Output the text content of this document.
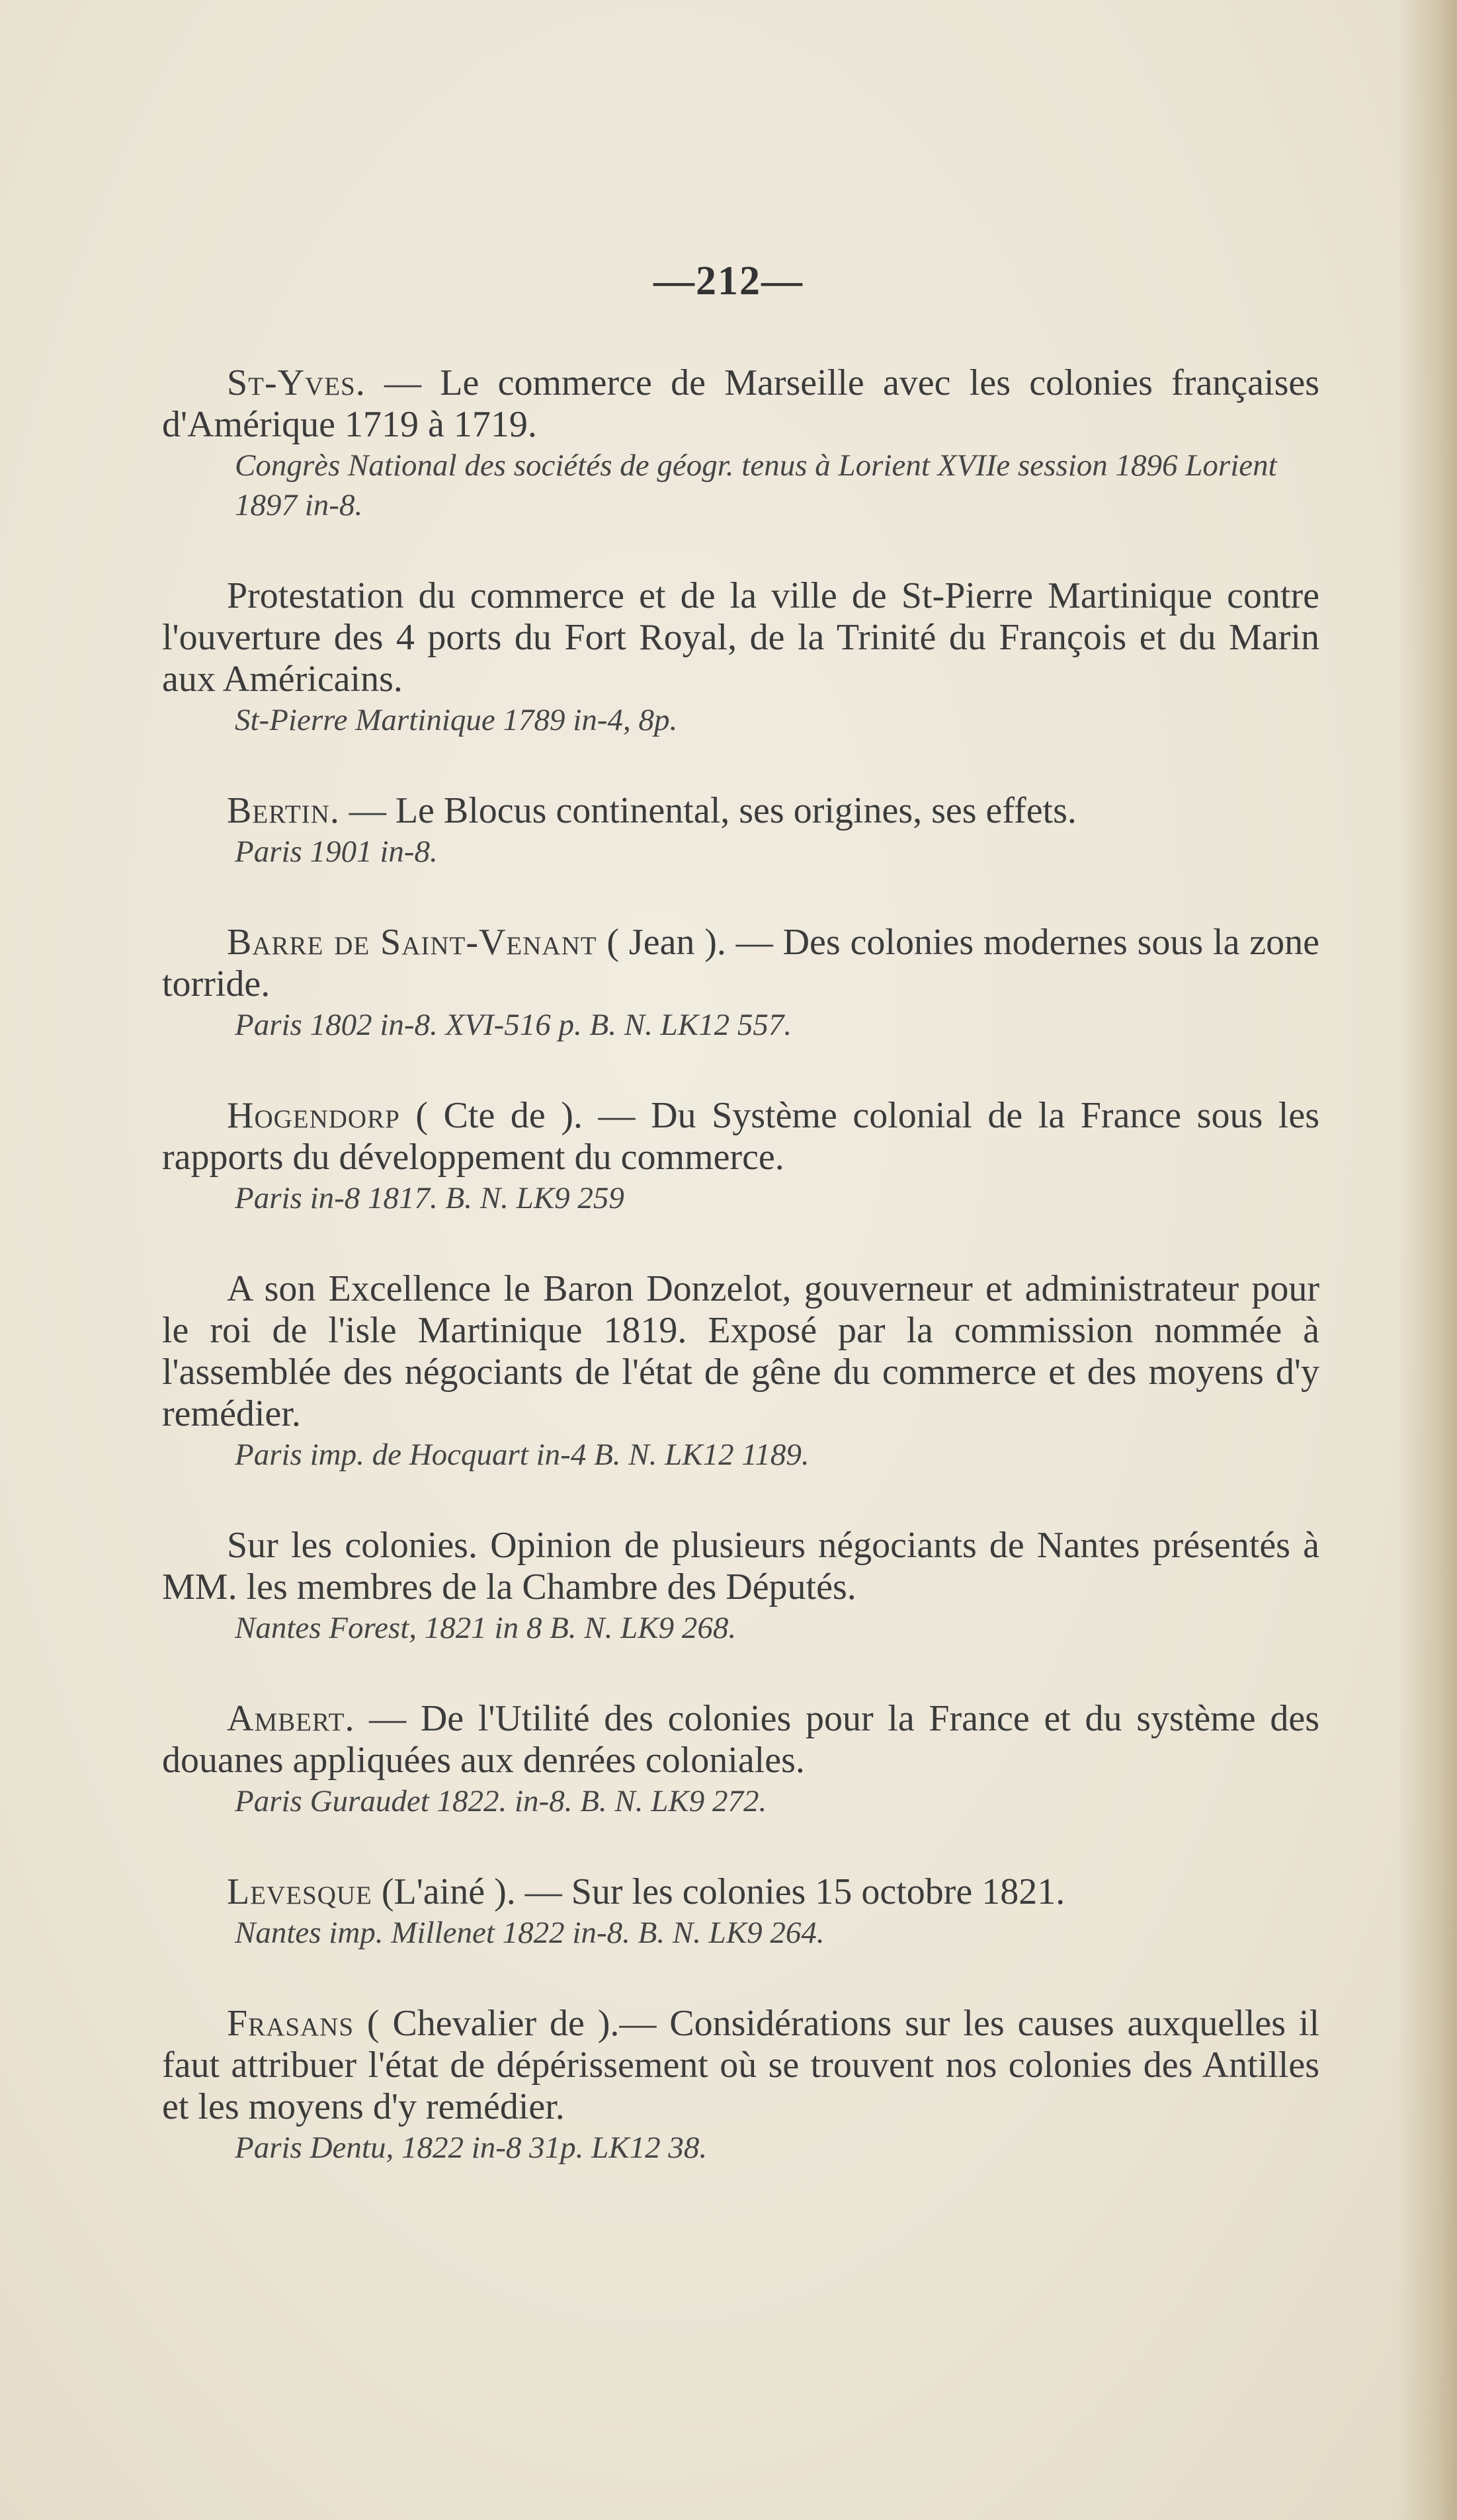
—212—

St-Yves. — Le commerce de Marseille avec les colonies françaises d'Amérique 1719 à 1719.

Congrès National des sociétés de géogr. tenus à Lorient XVIIe session 1896 Lorient 1897 in-8.

Protestation du commerce et de la ville de St-Pierre Martinique contre l'ouverture des 4 ports du Fort Royal, de la Trinité du François et du Marin aux Américains.

St-Pierre Martinique 1789 in-4, 8p.

Bertin. — Le Blocus continental, ses origines, ses effets.

Paris 1901 in-8.

Barre de Saint-Venant ( Jean ). — Des colonies modernes sous la zone torride.

Paris 1802 in-8. XVI-516 p. B. N. LK12 557.

Hogendorp ( Cte de ). — Du Système colonial de la France sous les rapports du développement du commerce.

Paris in-8 1817. B. N. LK9 259

A son Excellence le Baron Donzelot, gouverneur et administrateur pour le roi de l'isle Martinique 1819. Exposé par la commission nommée à l'assemblée des négociants de l'état de gêne du commerce et des moyens d'y remédier.

Paris imp. de Hocquart in-4 B. N. LK12 1189.

Sur les colonies. Opinion de plusieurs négociants de Nantes présentés à MM. les membres de la Chambre des Députés.

Nantes Forest, 1821 in 8 B. N. LK9 268.

Ambert. — De l'Utilité des colonies pour la France et du système des douanes appliquées aux denrées coloniales.

Paris Guraudet 1822. in-8. B. N. LK9 272.

Levesque (L'ainé ). — Sur les colonies 15 octobre 1821.

Nantes imp. Millenet 1822 in-8. B. N. LK9 264.

Frasans ( Chevalier de ).— Considérations sur les causes auxquelles il faut attribuer l'état de dépérissement où se trouvent nos colonies des Antilles et les moyens d'y remédier.

Paris Dentu, 1822 in-8 31p. LK12 38.
